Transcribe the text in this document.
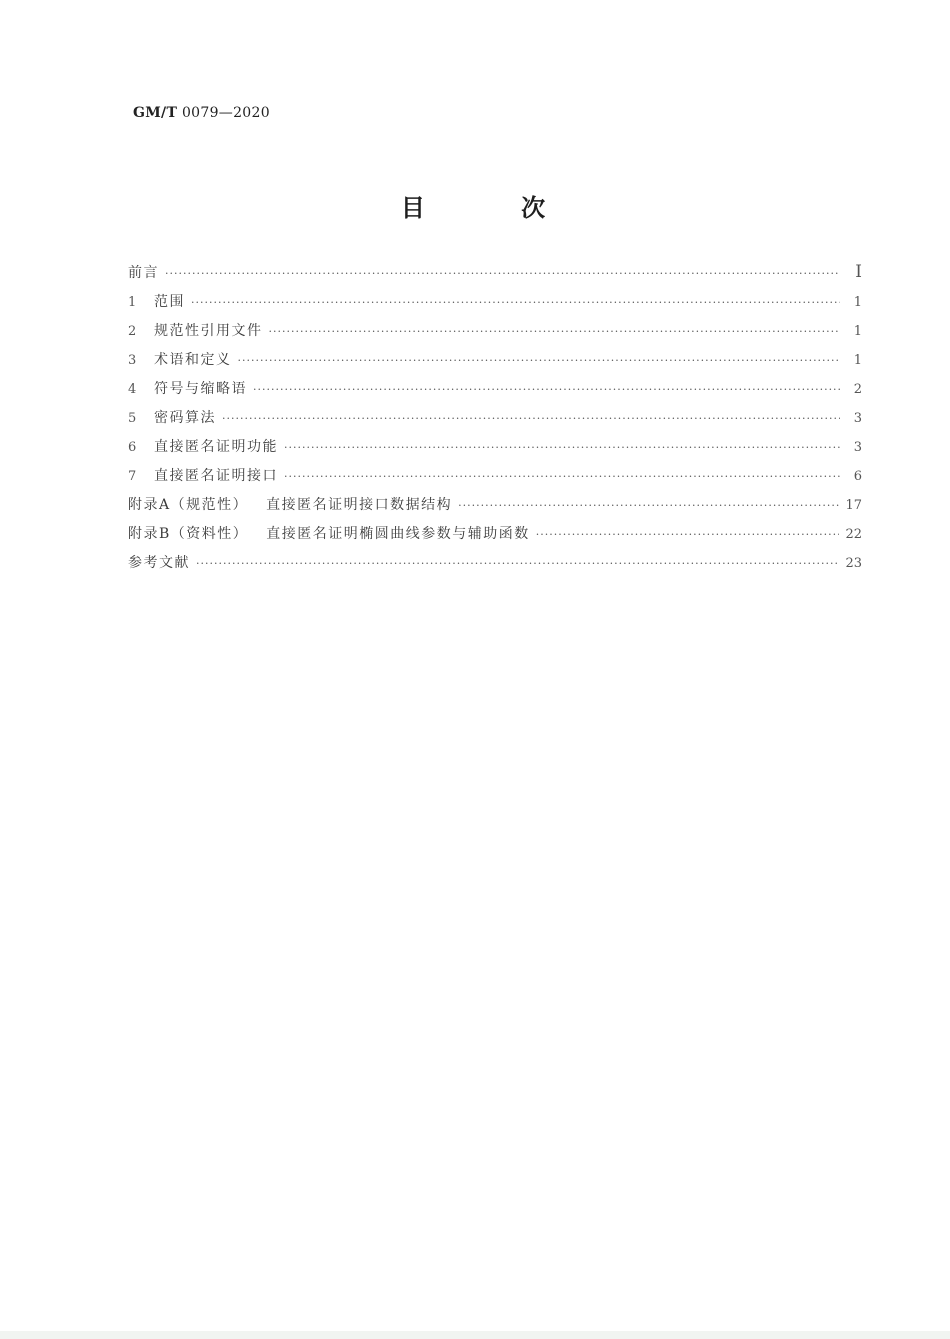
GM/T 0079—2020
目 次
前言 ·····	I
1	范围 ·····	1
2	规范性引用文件 ·····	1
3	术语和定义 ·····	1
4	符号与缩略语 ·····	2
5	密码算法 ·····	3
6	直接匿名证明功能 ·····	3
7	直接匿名证明接口 ·····	6
附录A（规范性） 直接匿名证明接口数据结构 ·····	17
附录B（资料性） 直接匿名证明椭圆曲线参数与辅助函数 ·····	22
参考文献 ·····	23
